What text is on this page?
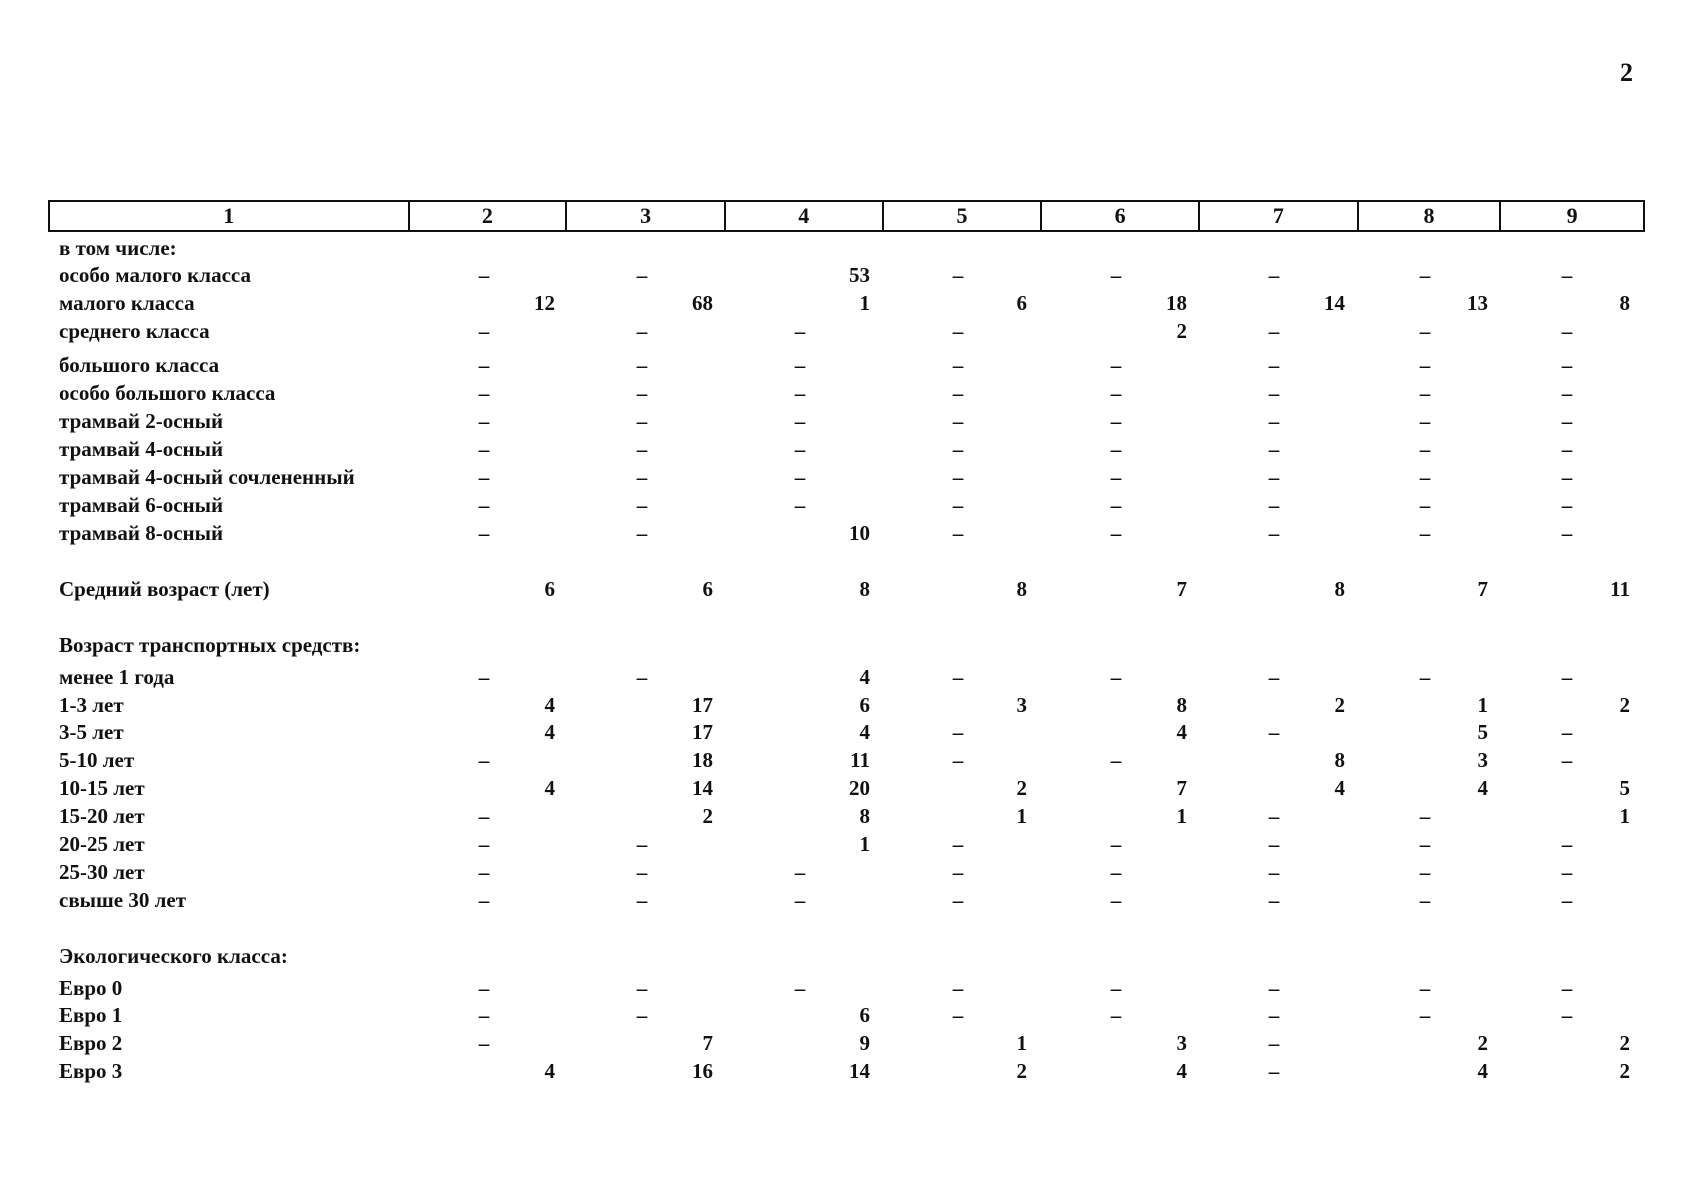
2
1	2	3	4	5	6	7	8	9
в том числе:
особо малого класса	–	–	53	–	–	–	–	–
малого класса	12	68	1	6	18	14	13	8
среднего класса	–	–	–	–	2	–	–	–
большого класса	–	–	–	–	–	–	–	–
особо большого класса	–	–	–	–	–	–	–	–
трамвай 2-осный	–	–	–	–	–	–	–	–
трамвай 4-осный	–	–	–	–	–	–	–	–
трамвай 4-осный сочлененный	–	–	–	–	–	–	–	–
трамвай 6-осный	–	–	–	–	–	–	–	–
трамвай 8-осный	–	–	10	–	–	–	–	–
Средний возраст (лет)	6	6	8	8	7	8	7	11
Возраст транспортных средств:
менее 1 года	–	–	4	–	–	–	–	–
1-3 лет	4	17	6	3	8	2	1	2
3-5 лет	4	17	4	–	4	–	5	–
5-10 лет	–	18	11	–	–	8	3	–
10-15 лет	4	14	20	2	7	4	4	5
15-20 лет	–	2	8	1	1	–	–	1
20-25 лет	–	–	1	–	–	–	–	–
25-30 лет	–	–	–	–	–	–	–	–
свыше 30 лет	–	–	–	–	–	–	–	–
Экологического класса:
Евро 0	–	–	–	–	–	–	–	–
Евро 1	–	–	6	–	–	–	–	–
Евро 2	–	7	9	1	3	–	2	2
Евро 3	4	16	14	2	4	–	4	2
